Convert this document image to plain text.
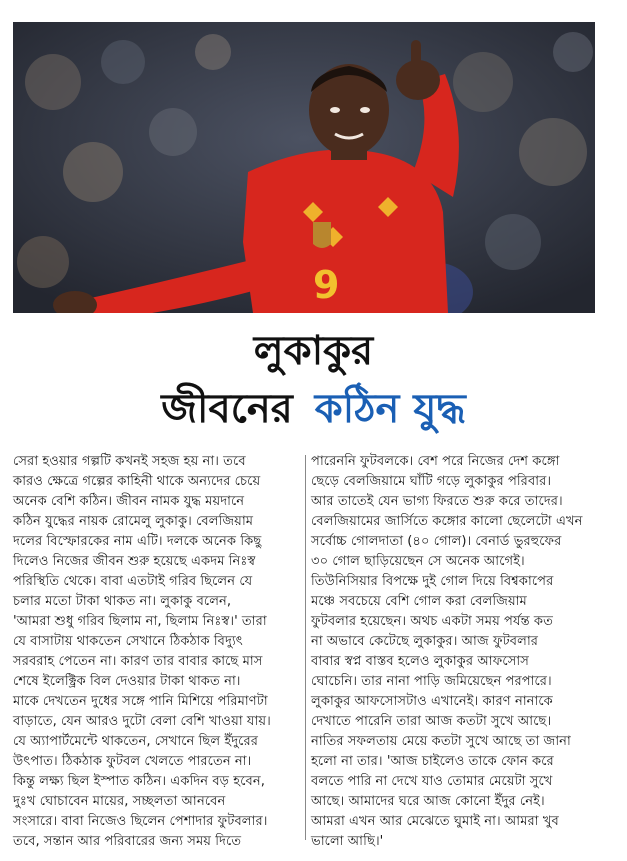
9
লুকাকুর
জীবনের কঠিন যুদ্ধ

সেরা হওয়ার গল্পটি কখনই সহজ হয় না। তবে

কারও ক্ষেত্রে গল্পের কাহিনী থাকে অন্যদের চেয়ে

অনেক বেশি কঠিন। জীবন নামক যুদ্ধ ময়দানে

কঠিন যুদ্ধের নায়ক রোমেলু লুকাকু। বেলজিয়াম

দলের বিস্ফোরকের নাম এটি। দলকে অনেক কিছু

দিলেও নিজের জীবন শুরু হয়েছে একদম নিঃস্ব

পরিস্থিতি থেকে। বাবা এতটাই গরিব ছিলেন যে

চলার মতো টাকা থাকত না। লুকাকু বলেন,

'আমরা শুধু গরিব ছিলাম না, ছিলাম নিঃস্ব।' তারা

যে বাসাটায় থাকতেন সেখানে ঠিকঠাক বিদ্যুৎ

সরবরাহ পেতেন না। কারণ তার বাবার কাছে মাস

শেষে ইলেক্ট্রিক বিল দেওয়ার টাকা থাকত না।

মাকে দেখতেন দুধের সঙ্গে পানি মিশিয়ে পরিমাণটা

বাড়াতে, যেন আরও দুটো বেলা বেশি খাওয়া যায়।

যে অ্যাপার্টমেন্টে থাকতেন, সেখানে ছিল ইঁদুরের

উৎপাত। ঠিকঠাক ফুটবল খেলতে পারতেন না।

কিন্তু লক্ষ্য ছিল ইস্পাত কঠিন। একদিন বড় হবেন,

দুঃখ ঘোচাবেন মায়ের, সচ্ছলতা আনবেন

সংসারে। বাবা নিজেও ছিলেন পেশাদার ফুটবলার।

তবে, সন্তান আর পরিবারের জন্য সময় দিতে

পারেননি ফুটবলকে। বেশ পরে নিজের দেশ কঙ্গো

ছেড়ে বেলজিয়ামে ঘাঁটি গড়ে লুকাকুর পরিবার।

আর তাতেই যেন ভাগ্য ফিরতে শুরু করে তাদের।

বেলজিয়ামের জার্সিতে কঙ্গোর কালো ছেলেটো এখন

সর্বোচ্চ গোলদাতা (৪০ গোল)। বেনার্ড ভুরহুফের

৩০ গোল ছাড়িয়েছেন সে অনেক আগেই।

তিউনিসিয়ার বিপক্ষে দুই গোল দিয়ে বিশ্বকাপের

মঞ্চে সবচেয়ে বেশি গোল করা বেলজিয়াম

ফুটবলার হয়েছেন। অথচ একটা সময় পর্যন্ত কত

না অভাবে কেটেছে লুকাকুর। আজ ফুটবলার

বাবার স্বপ্ন বাস্তব হলেও লুকাকুর আফসোস

ঘোচেনি। তার নানা পাড়ি জমিয়েছেন পরপারে।

লুকাকুর আফসোসটাও এখানেই। কারণ নানাকে

দেখাতে পারেনি তারা আজ কতটা সুখে আছে।

নাতির সফলতায় মেয়ে কতটা সুখে আছে তা জানা

হলো না তার। 'আজ চাইলেও তাকে ফোন করে

বলতে পারি না দেখে যাও তোমার মেয়েটা সুখে

আছে। আমাদের ঘরে আজ কোনো ইঁদুর নেই।

আমরা এখন আর মেঝেতে ঘুমাই না। আমরা খুব

ভালো আছি।'
